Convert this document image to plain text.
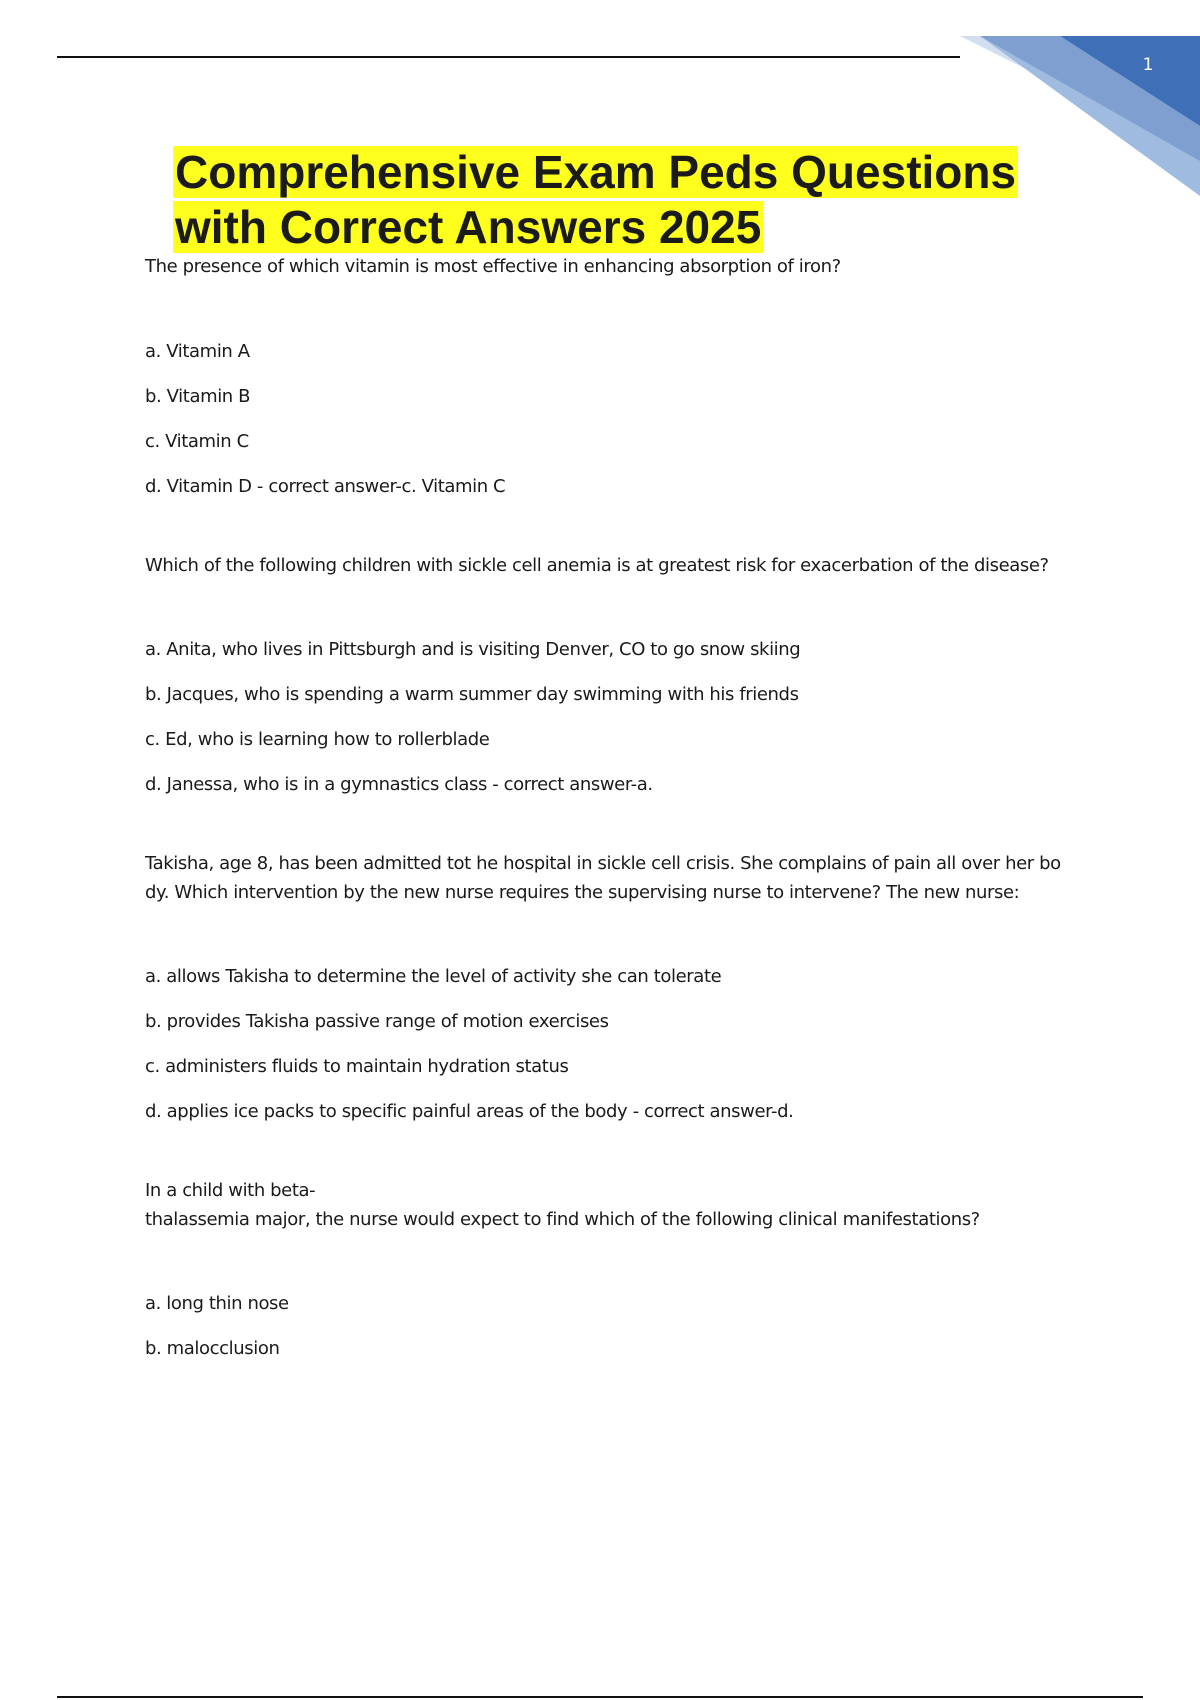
1
Comprehensive Exam Peds Questions
with Correct Answers 2025

The presence of which vitamin is most effective in enhancing absorption of iron?

a. Vitamin A
b. Vitamin B
c. Vitamin C
d. Vitamin D - correct answer-c. Vitamin C

Which of the following children with sickle cell anemia is at greatest risk for exacerbation of the disease?

a. Anita, who lives in Pittsburgh and is visiting Denver, CO to go snow skiing
b. Jacques, who is spending a warm summer day swimming with his friends
c. Ed, who is learning how to rollerblade
d. Janessa, who is in a gymnastics class - correct answer-a.

Takisha, age 8, has been admitted tot he hospital in sickle cell crisis. She complains of pain all over her bo
dy. Which intervention by the new nurse requires the supervising nurse to intervene? The new nurse:

a. allows Takisha to determine the level of activity she can tolerate
b. provides Takisha passive range of motion exercises
c. administers fluids to maintain hydration status
d. applies ice packs to specific painful areas of the body - correct answer-d.

In a child with beta-
thalassemia major, the nurse would expect to find which of the following clinical manifestations?

a. long thin nose
b. malocclusion
